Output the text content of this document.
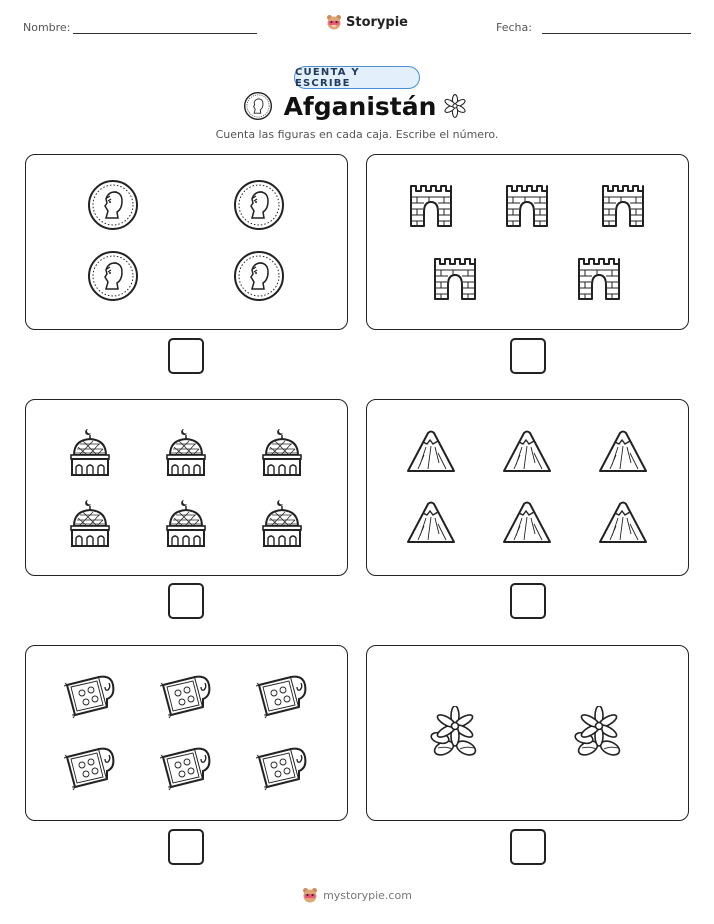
Nombre:	Storypie	Fecha:
CUENTA Y ESCRIBE
Afganistán
Cuenta las figuras en cada caja. Escribe el número.
mystorypie.com
